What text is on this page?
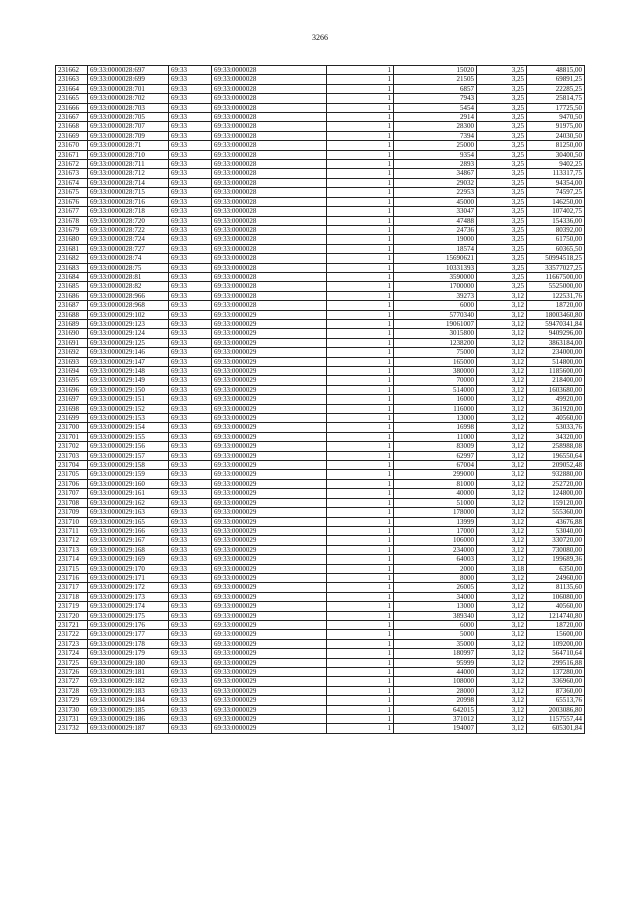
3266
231662	69:33:0000028:697	69:33	69:33:0000028	1	15020	3,25	48815,00
231663	69:33:0000028:699	69:33	69:33:0000028	1	21505	3,25	69891,25
231664	69:33:0000028:701	69:33	69:33:0000028	1	6857	3,25	22285,25
231665	69:33:0000028:702	69:33	69:33:0000028	1	7943	3,25	25814,75
231666	69:33:0000028:703	69:33	69:33:0000028	1	5454	3,25	17725,50
231667	69:33:0000028:705	69:33	69:33:0000028	1	2914	3,25	9470,50
231668	69:33:0000028:707	69:33	69:33:0000028	1	28300	3,25	91975,00
231669	69:33:0000028:709	69:33	69:33:0000028	1	7394	3,25	24030,50
231670	69:33:0000028:71	69:33	69:33:0000028	1	25000	3,25	81250,00
231671	69:33:0000028:710	69:33	69:33:0000028	1	9354	3,25	30400,50
231672	69:33:0000028:711	69:33	69:33:0000028	1	2893	3,25	9402,25
231673	69:33:0000028:712	69:33	69:33:0000028	1	34867	3,25	113317,75
231674	69:33:0000028:714	69:33	69:33:0000028	1	29032	3,25	94354,00
231675	69:33:0000028:715	69:33	69:33:0000028	1	22953	3,25	74597,25
231676	69:33:0000028:716	69:33	69:33:0000028	1	45000	3,25	146250,00
231677	69:33:0000028:718	69:33	69:33:0000028	1	33047	3,25	107402,75
231678	69:33:0000028:720	69:33	69:33:0000028	1	47488	3,25	154336,00
231679	69:33:0000028:722	69:33	69:33:0000028	1	24736	3,25	80392,00
231680	69:33:0000028:724	69:33	69:33:0000028	1	19000	3,25	61750,00
231681	69:33:0000028:727	69:33	69:33:0000028	1	18574	3,25	60365,50
231682	69:33:0000028:74	69:33	69:33:0000028	1	15690621	3,25	50994518,25
231683	69:33:0000028:75	69:33	69:33:0000028	1	10331393	3,25	33577027,25
231684	69:33:0000028:81	69:33	69:33:0000028	1	3590000	3,25	11667500,00
231685	69:33:0000028:82	69:33	69:33:0000028	1	1700000	3,25	5525000,00
231686	69:33:0000028:966	69:33	69:33:0000028	1	39273	3,12	122531,76
231687	69:33:0000028:968	69:33	69:33:0000028	1	6000	3,12	18720,00
231688	69:33:0000029:102	69:33	69:33:0000029	1	5770340	3,12	18003460,80
231689	69:33:0000029:123	69:33	69:33:0000029	1	19061007	3,12	59470341,84
231690	69:33:0000029:124	69:33	69:33:0000029	1	3015800	3,12	9409296,00
231691	69:33:0000029:125	69:33	69:33:0000029	1	1238200	3,12	3863184,00
231692	69:33:0000029:146	69:33	69:33:0000029	1	75000	3,12	234000,00
231693	69:33:0000029:147	69:33	69:33:0000029	1	165000	3,12	514800,00
231694	69:33:0000029:148	69:33	69:33:0000029	1	380000	3,12	1185600,00
231695	69:33:0000029:149	69:33	69:33:0000029	1	70000	3,12	218400,00
231696	69:33:0000029:150	69:33	69:33:0000029	1	514000	3,12	1603680,00
231697	69:33:0000029:151	69:33	69:33:0000029	1	16000	3,12	49920,00
231698	69:33:0000029:152	69:33	69:33:0000029	1	116000	3,12	361920,00
231699	69:33:0000029:153	69:33	69:33:0000029	1	13000	3,12	40560,00
231700	69:33:0000029:154	69:33	69:33:0000029	1	16998	3,12	53033,76
231701	69:33:0000029:155	69:33	69:33:0000029	1	11000	3,12	34320,00
231702	69:33:0000029:156	69:33	69:33:0000029	1	83009	3,12	258988,08
231703	69:33:0000029:157	69:33	69:33:0000029	1	62997	3,12	196550,64
231704	69:33:0000029:158	69:33	69:33:0000029	1	67004	3,12	209052,48
231705	69:33:0000029:159	69:33	69:33:0000029	1	299000	3,12	932880,00
231706	69:33:0000029:160	69:33	69:33:0000029	1	81000	3,12	252720,00
231707	69:33:0000029:161	69:33	69:33:0000029	1	40000	3,12	124800,00
231708	69:33:0000029:162	69:33	69:33:0000029	1	51000	3,12	159120,00
231709	69:33:0000029:163	69:33	69:33:0000029	1	178000	3,12	555360,00
231710	69:33:0000029:165	69:33	69:33:0000029	1	13999	3,12	43676,88
231711	69:33:0000029:166	69:33	69:33:0000029	1	17000	3,12	53040,00
231712	69:33:0000029:167	69:33	69:33:0000029	1	106000	3,12	330720,00
231713	69:33:0000029:168	69:33	69:33:0000029	1	234000	3,12	730080,00
231714	69:33:0000029:169	69:33	69:33:0000029	1	64003	3,12	199689,36
231715	69:33:0000029:170	69:33	69:33:0000029	1	2000	3,18	6350,00
231716	69:33:0000029:171	69:33	69:33:0000029	1	8000	3,12	24960,00
231717	69:33:0000029:172	69:33	69:33:0000029	1	26005	3,12	81135,60
231718	69:33:0000029:173	69:33	69:33:0000029	1	34000	3,12	106080,00
231719	69:33:0000029:174	69:33	69:33:0000029	1	13000	3,12	40560,00
231720	69:33:0000029:175	69:33	69:33:0000029	1	389340	3,12	1214740,80
231721	69:33:0000029:176	69:33	69:33:0000029	1	6000	3,12	18720,00
231722	69:33:0000029:177	69:33	69:33:0000029	1	5000	3,12	15600,00
231723	69:33:0000029:178	69:33	69:33:0000029	1	35000	3,12	109200,00
231724	69:33:0000029:179	69:33	69:33:0000029	1	180997	3,12	564710,64
231725	69:33:0000029:180	69:33	69:33:0000029	1	95999	3,12	299516,88
231726	69:33:0000029:181	69:33	69:33:0000029	1	44000	3,12	137280,00
231727	69:33:0000029:182	69:33	69:33:0000029	1	108000	3,12	336960,00
231728	69:33:0000029:183	69:33	69:33:0000029	1	28000	3,12	87360,00
231729	69:33:0000029:184	69:33	69:33:0000029	1	20998	3,12	65513,76
231730	69:33:0000029:185	69:33	69:33:0000029	1	642015	3,12	2003086,80
231731	69:33:0000029:186	69:33	69:33:0000029	1	371012	3,12	1157557,44
231732	69:33:0000029:187	69:33	69:33:0000029	1	194007	3,12	605301,84
